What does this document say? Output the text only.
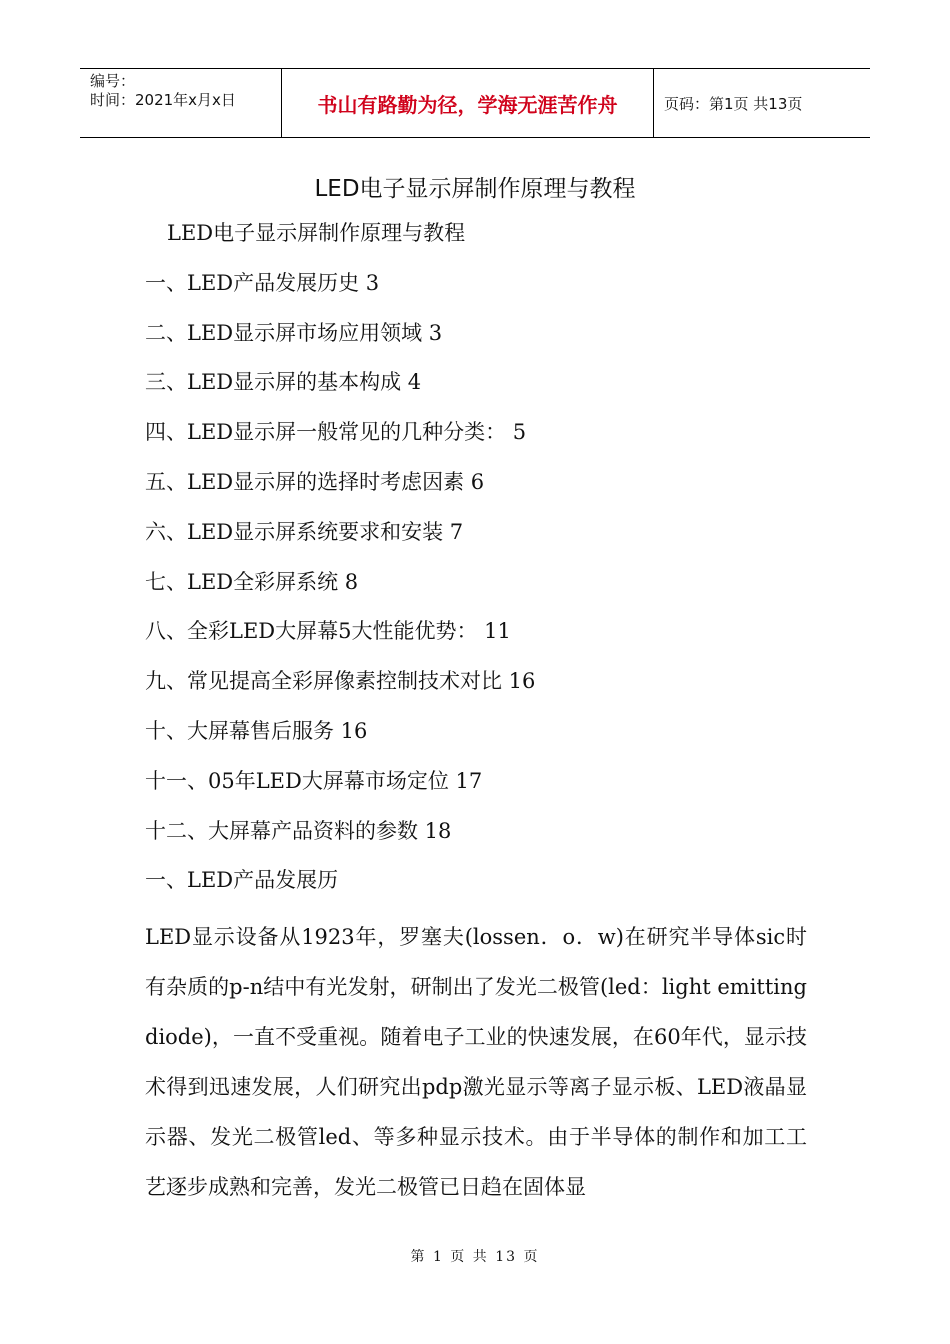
编号：
时间：2021年x月x日	书山有路勤为径，学海无涯苦作舟	页码：第1页 共13页
LED电子显示屏制作原理与教程
LED电子显示屏制作原理与教程
一、LED产品发展历史 3
二、LED显示屏市场应用领域 3
三、LED显示屏的基本构成 4
四、LED显示屏一般常见的几种分类： 5
五、LED显示屏的选择时考虑因素 6
六、LED显示屏系统要求和安装 7
七、LED全彩屏系统 8
八、全彩LED大屏幕5大性能优势： 11
九、常见提高全彩屏像素控制技术对比 16
十、大屏幕售后服务 16
十一、05年LED大屏幕市场定位 17
十二、大屏幕产品资料的参数 18
一、LED产品发展历
LED显示设备从1923年，罗塞夫(lossen．o．w)在研究半导体sic时有杂质的p-n结中有光发射，研制出了发光二极管(led：light emitting diode)，一直不受重视。随着电子工业的快速发展，在60年代，显示技术得到迅速发展，人们研究出pdp激光显示等离子显示板、LED液晶显示器、发光二极管led、等多种显示技术。由于半导体的制作和加工工艺逐步成熟和完善，发光二极管已日趋在固体显
第 1 页 共 13 页
